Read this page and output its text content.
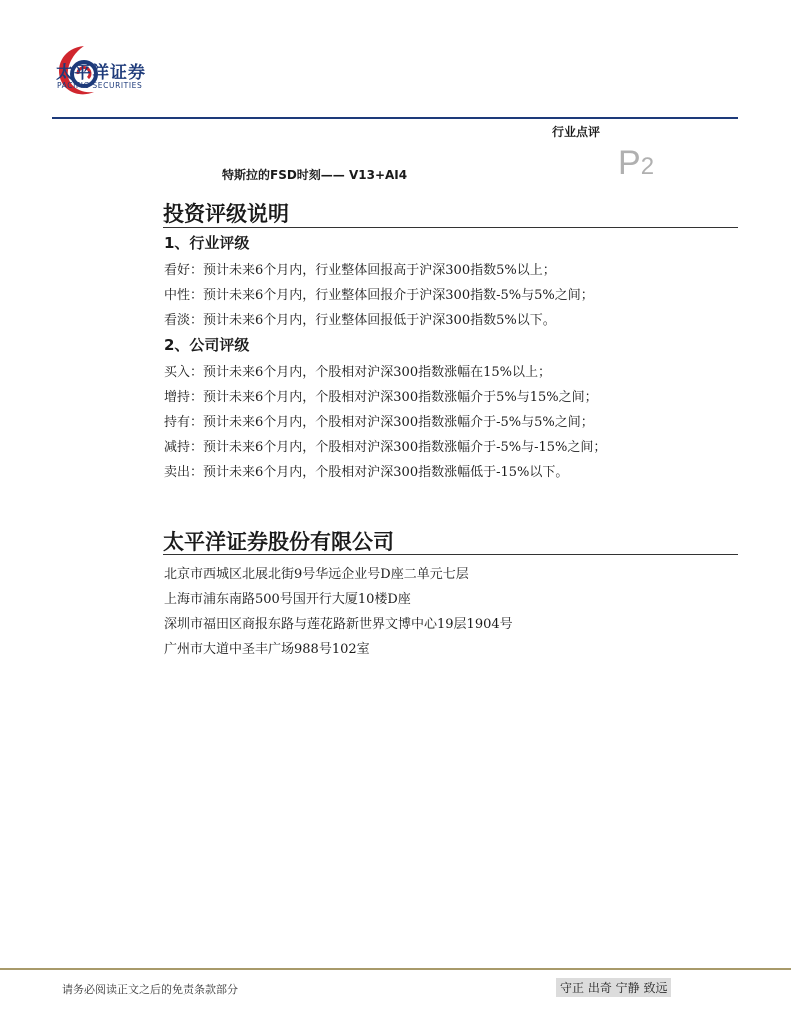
太平洋证券
PACIFIC SECURITIES
行业点评
特斯拉的FSD时刻—— V13+AI4	P2
投资评级说明
1、行业评级
看好：预计未来6个月内，行业整体回报高于沪深300指数5%以上；
中性：预计未来6个月内，行业整体回报介于沪深300指数-5%与5%之间；
看淡：预计未来6个月内，行业整体回报低于沪深300指数5%以下。
2、公司评级
买入：预计未来6个月内，个股相对沪深300指数涨幅在15%以上；
增持：预计未来6个月内，个股相对沪深300指数涨幅介于5%与15%之间；
持有：预计未来6个月内，个股相对沪深300指数涨幅介于-5%与5%之间；
减持：预计未来6个月内，个股相对沪深300指数涨幅介于-5%与-15%之间；
卖出：预计未来6个月内，个股相对沪深300指数涨幅低于-15%以下。
太平洋证券股份有限公司
北京市西城区北展北街9号华远企业号D座二单元七层
上海市浦东南路500号国开行大厦10楼D座
深圳市福田区商报东路与莲花路新世界文博中心19层1904号
广州市大道中圣丰广场988号102室
请务必阅读正文之后的免责条款部分	守正 出奇 宁静 致远
